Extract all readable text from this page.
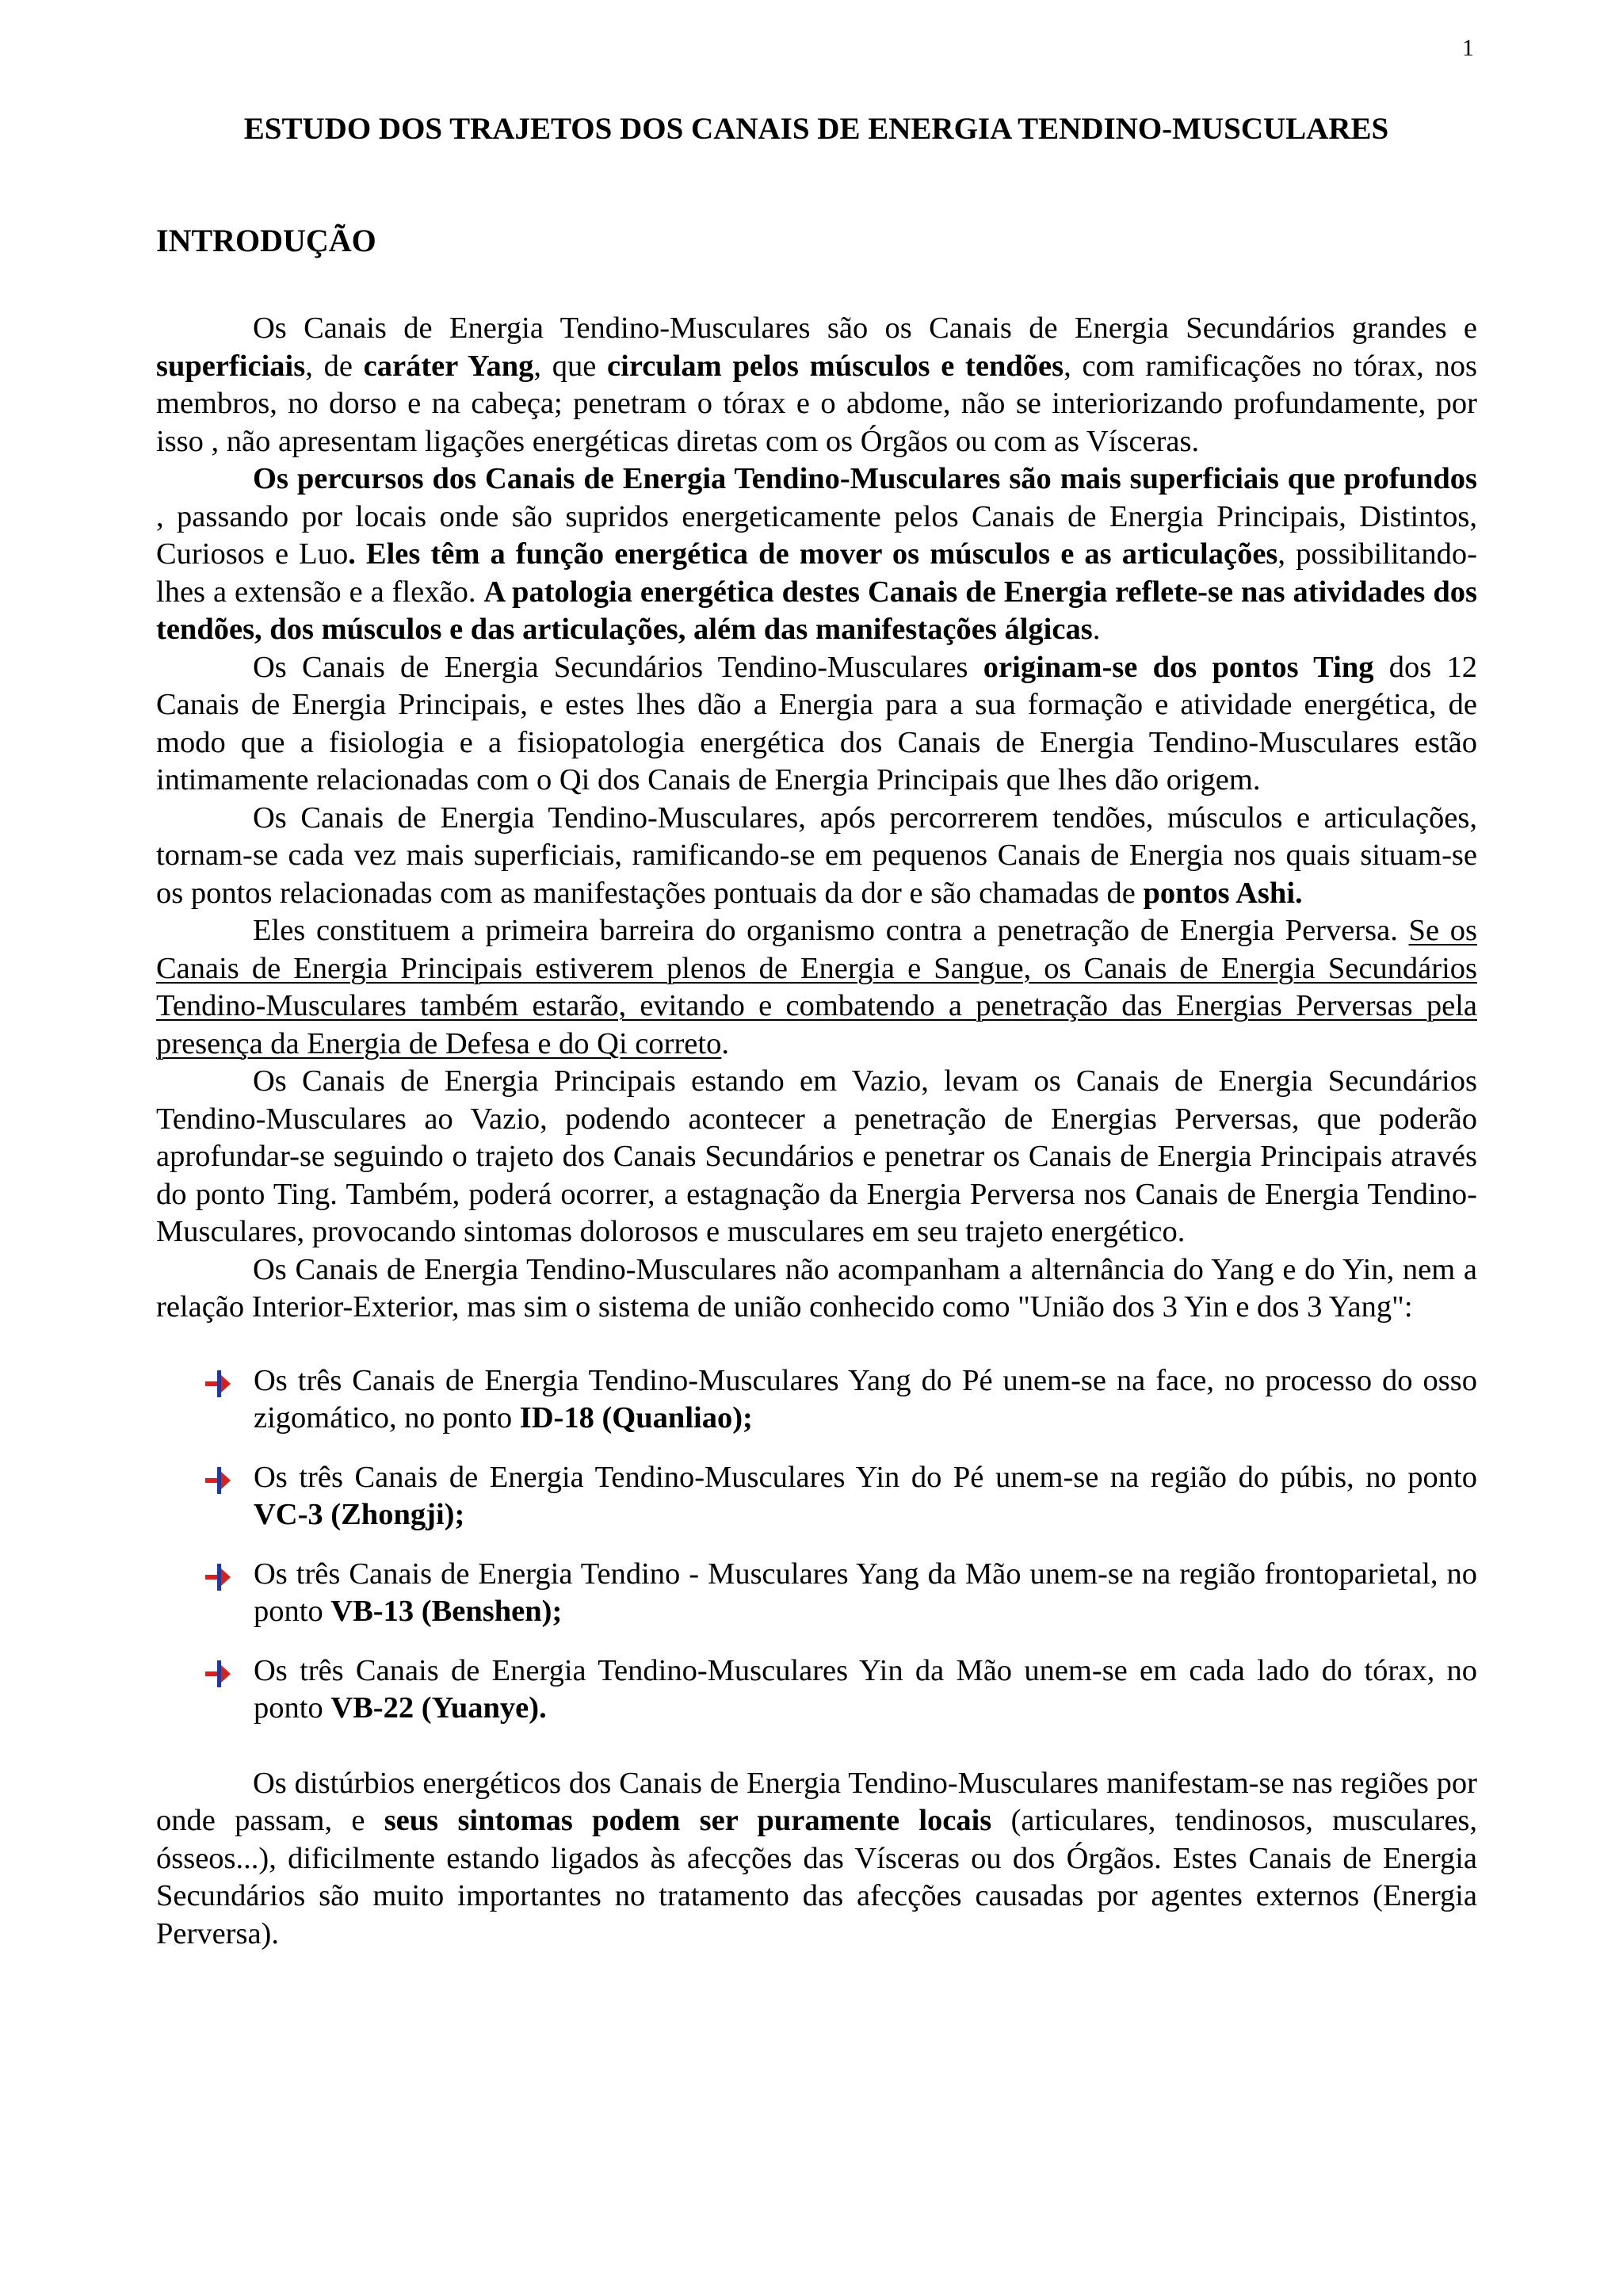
1
ESTUDO DOS TRAJETOS DOS CANAIS DE ENERGIA TENDINO-MUSCULARES
INTRODUÇÃO

Os Canais de Energia Tendino-Musculares são os Canais de Energia Secundários grandes e superficiais, de caráter Yang, que circulam pelos músculos e tendões, com ramificações no tórax, nos membros, no dorso e na cabeça; penetram o tórax e o abdome, não se interiorizando profundamente, por isso , não apresentam ligações energéticas diretas com os Órgãos ou com as Vísceras.

Os percursos dos Canais de Energia Tendino-Musculares são mais superficiais que profundos , passando por locais onde são supridos energeticamente pelos Canais de Energia Principais, Distintos, Curiosos e Luo. Eles têm a função energética de mover os músculos e as articulações, possibilitando-lhes a extensão e a flexão. A patologia energética destes Canais de Energia reflete-se nas atividades dos tendões, dos músculos e das articulações, além das manifestações álgicas.

Os Canais de Energia Secundários Tendino-Musculares originam-se dos pontos Ting dos 12 Canais de Energia Principais, e estes lhes dão a Energia para a sua formação e atividade energética, de modo que a fisiologia e a fisiopatologia energética dos Canais de Energia Tendino-Musculares estão intimamente relacionadas com o Qi dos Canais de Energia Principais que lhes dão origem.

Os Canais de Energia Tendino-Musculares, após percorrerem tendões, músculos e articulações, tornam-se cada vez mais superficiais, ramificando-se em pequenos Canais de Energia nos quais situam-se os pontos relacionadas com as manifestações pontuais da dor e são chamadas de pontos Ashi.

Eles constituem a primeira barreira do organismo contra a penetração de Energia Perversa. Se os Canais de Energia Principais estiverem plenos de Energia e Sangue, os Canais de Energia Secundários Tendino-Musculares também estarão, evitando e combatendo a penetração das Energias Perversas pela presença da Energia de Defesa e do Qi correto.

Os Canais de Energia Principais estando em Vazio, levam os Canais de Energia Secundários Tendino-Musculares ao Vazio, podendo acontecer a penetração de Energias Perversas, que poderão aprofundar-se seguindo o trajeto dos Canais Secundários e penetrar os Canais de Energia Principais através do ponto Ting. Também, poderá ocorrer, a estagnação da Energia Perversa nos Canais de Energia Tendino-Musculares, provocando sintomas dolorosos e musculares em seu trajeto energético.

Os Canais de Energia Tendino-Musculares não acompanham a alternância do Yang e do Yin, nem a relação Interior-Exterior, mas sim o sistema de união conhecido como "União dos 3 Yin e dos 3 Yang":

Os três Canais de Energia Tendino-Musculares Yang do Pé unem-se na face, no processo do osso zigomático, no ponto ID-18 (Quanliao);
Os três Canais de Energia Tendino-Musculares Yin do Pé unem-se na região do púbis, no ponto VC-3 (Zhongji);
Os três Canais de Energia Tendino - Musculares Yang da Mão unem-se na região frontoparietal, no ponto VB-13 (Benshen);
Os três Canais de Energia Tendino-Musculares Yin da Mão unem-se em cada lado do tórax, no ponto VB-22 (Yuanye).

Os distúrbios energéticos dos Canais de Energia Tendino-Musculares manifestam-se nas regiões por onde passam, e seus sintomas podem ser puramente locais (articulares, tendinosos, musculares, ósseos...), dificilmente estando ligados às afecções das Vísceras ou dos Órgãos. Estes Canais de Energia Secundários são muito importantes no tratamento das afecções causadas por agentes externos (Energia Perversa).
